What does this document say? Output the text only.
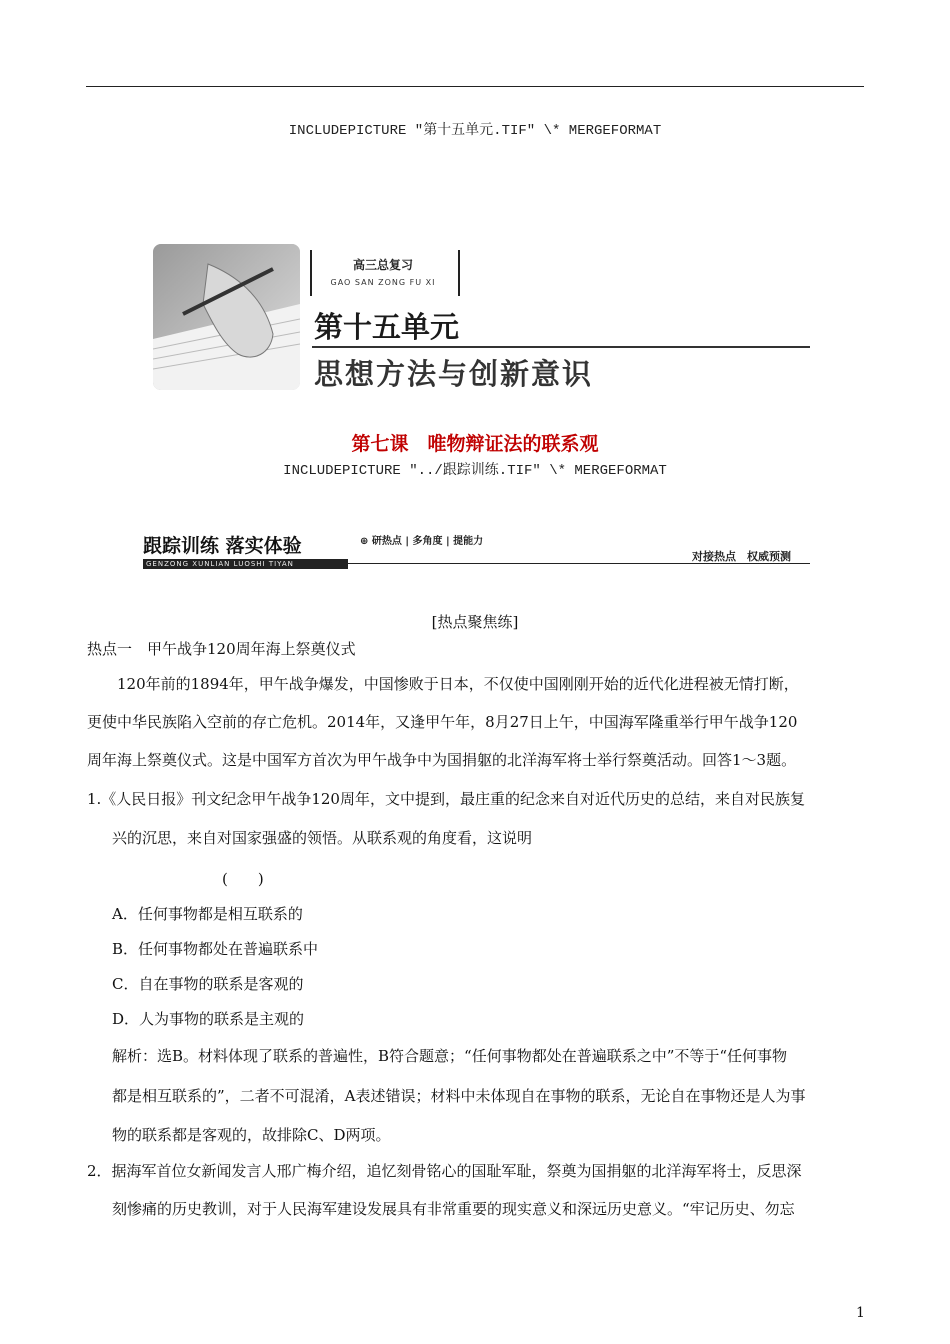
INCLUDEPICTURE "第十五单元.TIF" \* MERGEFORMAT
高三总复习
GAO SAN ZONG FU XI
第十五单元
思想方法与创新意识
第七课　唯物辩证法的联系观
INCLUDEPICTURE "../跟踪训练.TIF" \* MERGEFORMAT
跟踪训练 落实体验
GENZONG XUNLIAN LUOSHI TIYAN
⊕ 研热点 | 多角度 | 提能力
对接热点　权威预测
[热点聚焦练]
热点一　甲午战争120周年海上祭奠仪式
120年前的1894年，甲午战争爆发，中国惨败于日本，不仅使中国刚刚开始的近代化进程被无情打断，
更使中华民族陷入空前的存亡危机。2014年，又逢甲午年，8月27日上午，中国海军隆重举行甲午战争120
周年海上祭奠仪式。这是中国军方首次为甲午战争中为国捐躯的北洋海军将士举行祭奠活动。回答1～3题。
1.《人民日报》刊文纪念甲午战争120周年，文中提到，最庄重的纪念来自对近代历史的总结，来自对民族复
兴的沉思，来自对国家强盛的领悟。从联系观的角度看，这说明
(　　)
A．任何事物都是相互联系的
B．任何事物都处在普遍联系中
C．自在事物的联系是客观的
D．人为事物的联系是主观的
解析：选B。材料体现了联系的普遍性，B符合题意；“任何事物都处在普遍联系之中”不等于“任何事物
都是相互联系的”，二者不可混淆，A表述错误；材料中未体现自在事物的联系，无论自在事物还是人为事
物的联系都是客观的，故排除C、D两项。
2．据海军首位女新闻发言人邢广梅介绍，追忆刻骨铭心的国耻军耻，祭奠为国捐躯的北洋海军将士，反思深
刻惨痛的历史教训，对于人民海军建设发展具有非常重要的现实意义和深远历史意义。“牢记历史、勿忘
1
